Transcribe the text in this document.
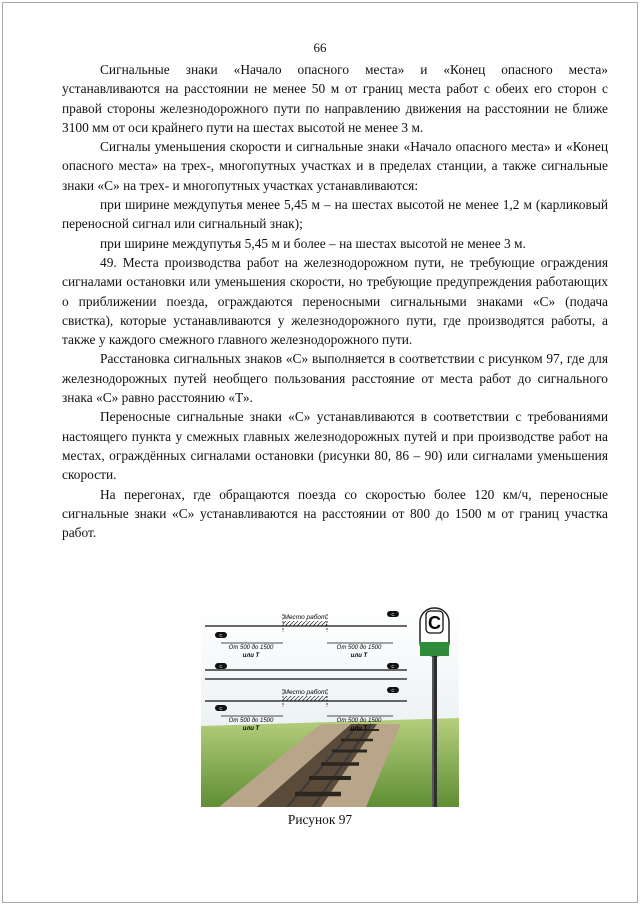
66

Сигнальные знаки «Начало опасного места» и «Конец опасного места» устанавливаются на расстоянии не менее 50 м от границ места работ с обеих его сторон с правой стороны железнодорожного пути по направлению движения на расстоянии не ближе 3100 мм от оси крайнего пути на шестах высотой не менее 3 м.

Сигналы уменьшения скорости и сигнальные знаки «Начало опасного места» и «Конец опасного места» на трех-, многопутных участках и в пределах станции, а также сигнальные знаки «С» на трех- и многопутных участках устанавливаются:

при ширине междупутья менее 5,45 м – на шестах высотой не менее 1,2 м (карликовый переносной сигнал или сигнальный знак);

при ширине междупутья 5,45 м и более – на шестах высотой не менее 3 м.

49. Места производства работ на железнодорожном пути, не требующие ограждения сигналами остановки или уменьшения скорости, но требующие предупреждения работающих о приближении поезда, ограждаются переносными сигнальными знаками «С» (подача свистка), которые устанавливаются у железнодорожного пути, где производятся работы, а также у каждого смежного главного железнодорожного пути.

Расстановка сигнальных знаков «С» выполняется в соответствии с рисунком 97, где для железнодорожных путей необщего пользования расстояние от места работ до сигнального знака «С» равно расстоянию «Т».

Переносные сигнальные знаки «С» устанавливаются в соответствии с требованиями настоящего пункта у смежных главных железнодорожных путей и при производстве работ на местах, ограждённых сигналами остановки (рисунки 80, 86 – 90) или сигналами уменьшения скорости.

На перегонах, где обращаются поезда со скоростью более 120 км/ч, переносные сигнальные знаки «С» устанавливаются на расстоянии от 800 до 1500 м от границ участка работ.

Место работ
С
С
От 500 до 1500
или Т
От 500 до 1500
или Т
С	С
Место работ
С
С
От 500 до 1500
или Т
От 500 до 1500
или Т
С
Рисунок 97
